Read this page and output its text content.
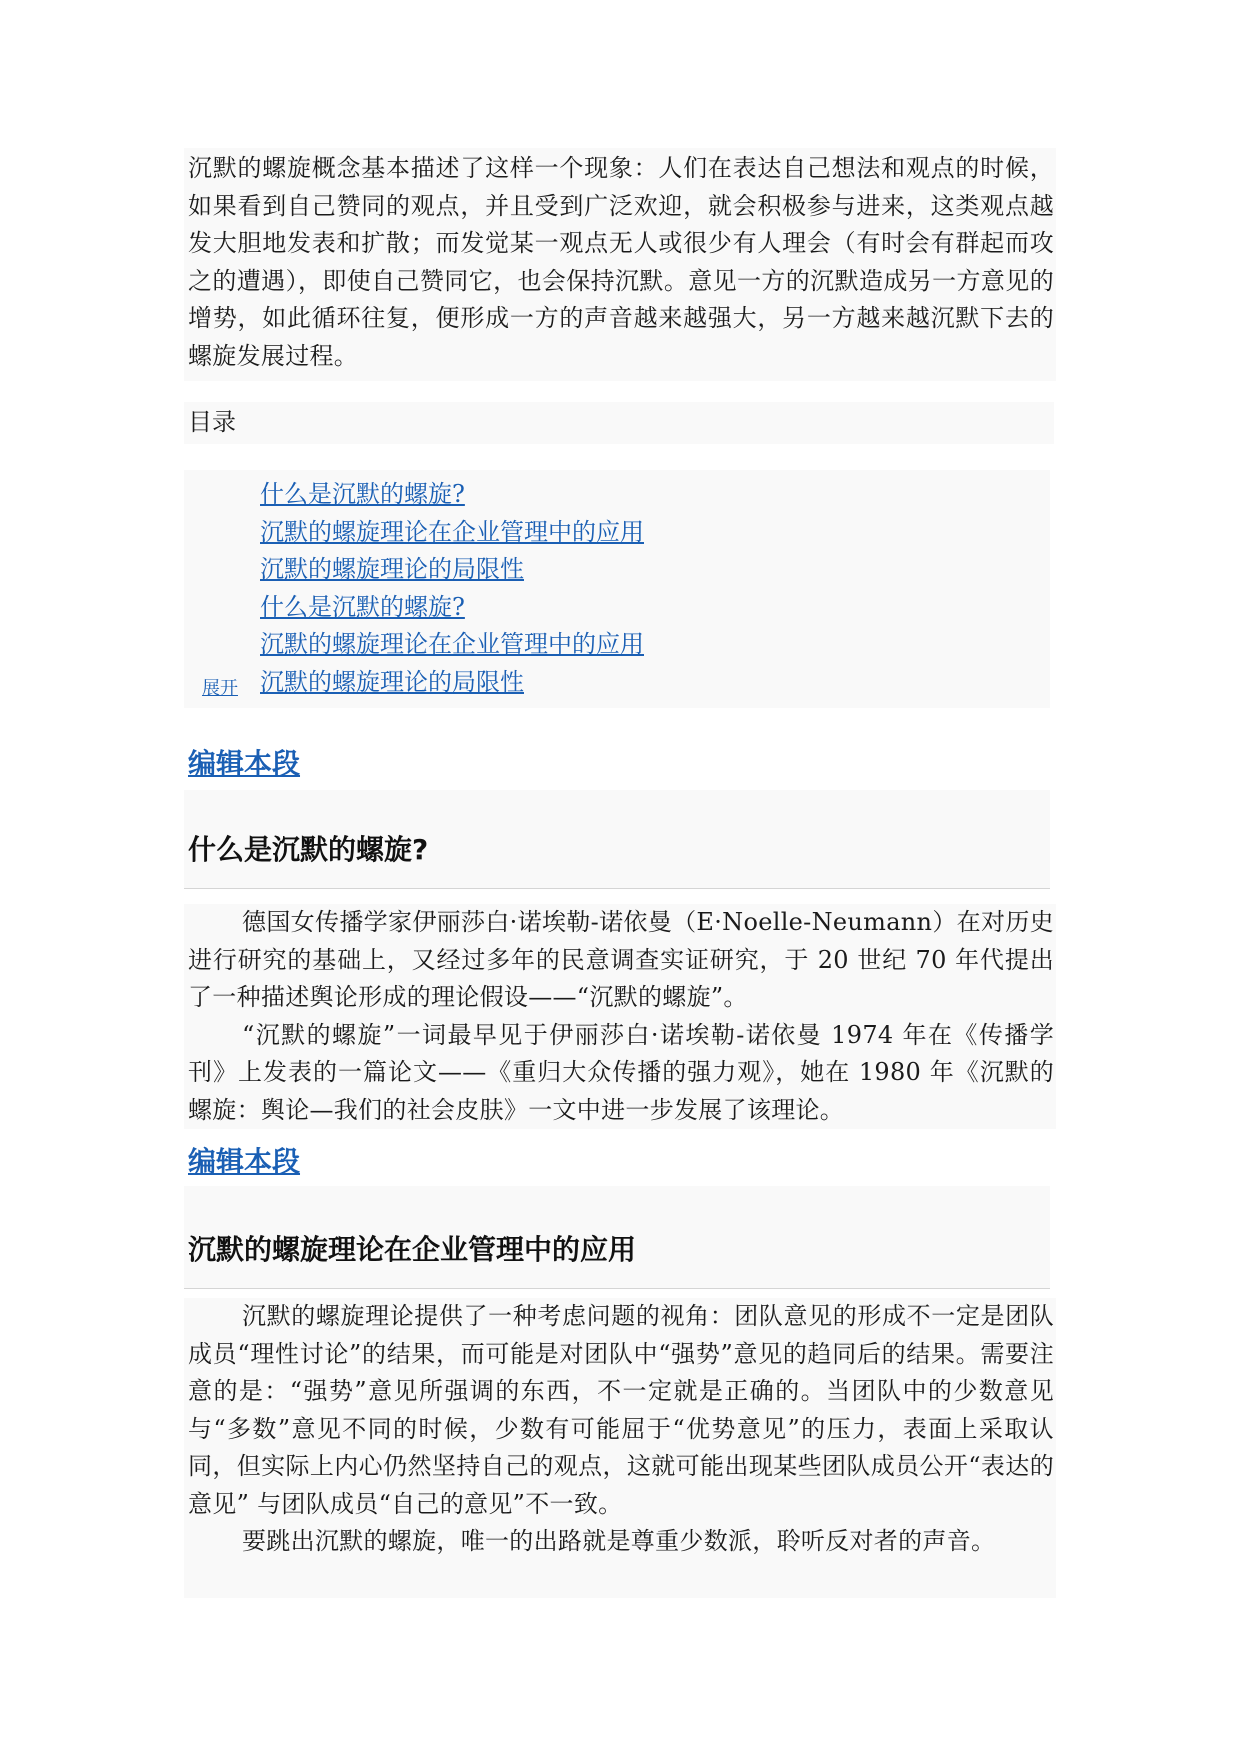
沉默的螺旋概念基本描述了这样一个现象：人们在表达自己想法和观点的时候，如果看到自己赞同的观点，并且受到广泛欢迎，就会积极参与进来，这类观点越发大胆地发表和扩散；而发觉某一观点无人或很少有人理会（有时会有群起而攻之的遭遇），即使自己赞同它，也会保持沉默。意见一方的沉默造成另一方意见的增势，如此循环往复，便形成一方的声音越来越强大，另一方越来越沉默下去的螺旋发展过程。

目录
什么是沉默的螺旋?
沉默的螺旋理论在企业管理中的应用
沉默的螺旋理论的局限性
什么是沉默的螺旋?
沉默的螺旋理论在企业管理中的应用
沉默的螺旋理论的局限性
展开
编辑本段
什么是沉默的螺旋?

德国女传播学家伊丽莎白·诺埃勒-诺依曼（E·Noelle-Neumann）在对历史进行研究的基础上，又经过多年的民意调查实证研究，于 20 世纪 70 年代提出了一种描述舆论形成的理论假设——“沉默的螺旋”。

“沉默的螺旋”一词最早见于伊丽莎白·诺埃勒-诺依曼 1974 年在《传播学刊》上发表的一篇论文——《重归大众传播的强力观》，她在 1980 年《沉默的螺旋：舆论—我们的社会皮肤》一文中进一步发展了该理论。

编辑本段
沉默的螺旋理论在企业管理中的应用

沉默的螺旋理论提供了一种考虑问题的视角：团队意见的形成不一定是团队成员“理性讨论”的结果，而可能是对团队中“强势”意见的趋同后的结果。需要注意的是：“强势”意见所强调的东西，不一定就是正确的。当团队中的少数意见与“多数”意见不同的时候，少数有可能屈于“优势意见”的压力，表面上采取认同，但实际上内心仍然坚持自己的观点，这就可能出现某些团队成员公开“表达的意见” 与团队成员“自己的意见”不一致。

要跳出沉默的螺旋，唯一的出路就是尊重少数派，聆听反对者的声音。
